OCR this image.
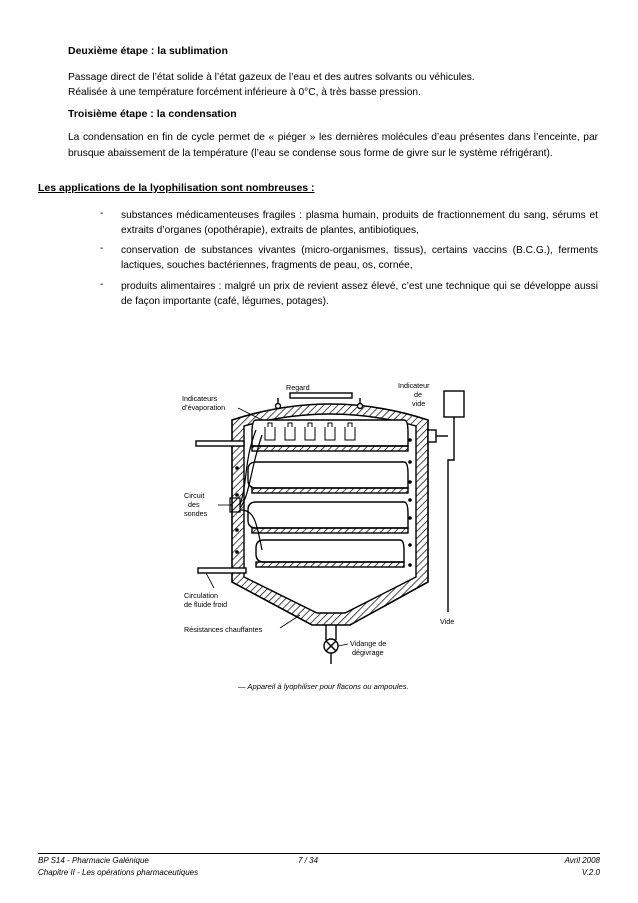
Deuxième étape : la sublimation
Passage direct de l’état solide à l’état gazeux de l’eau et des autres solvants ou véhicules.
Réalisée à une température forcément inférieure à 0°C, à très basse pression.
Troisième étape : la condensation
La condensation en fin de cycle permet de « piéger » les dernières molécules d’eau présentes dans l’enceinte, par brusque abaissement de la température (l’eau se condense sous forme de givre sur le système réfrigérant).
Les applications de la lyophilisation sont nombreuses :
- substances médicamenteuses fragiles : plasma humain, produits de fractionnement du sang, sérums et extraits d’organes (opothérapie), extraits de plantes, antibiotiques,
- conservation de substances vivantes (micro-organismes, tissus), certains vaccins (B.C.G.), ferments lactiques, souches bactériennes, fragments de peau, os, cornée,
- produits alimentaires : malgré un prix de revient assez élevé, c’est une technique qui se développe aussi de façon importante (café, légumes, potages).
Regard
Indicateurs
d’évaporation
Indicateur
de
vide
Circuit
des
sondes
Circulation
de fluide froid
Résistances chauffantes
Vide
Vidange de
dégivrage
— Appareil à lyophiliser pour flacons ou ampoules.
BP S14 - Pharmacie Galénique
Chapitre II - Les opérations pharmaceutiques
7 / 34	Avril 2008
V.2.0
